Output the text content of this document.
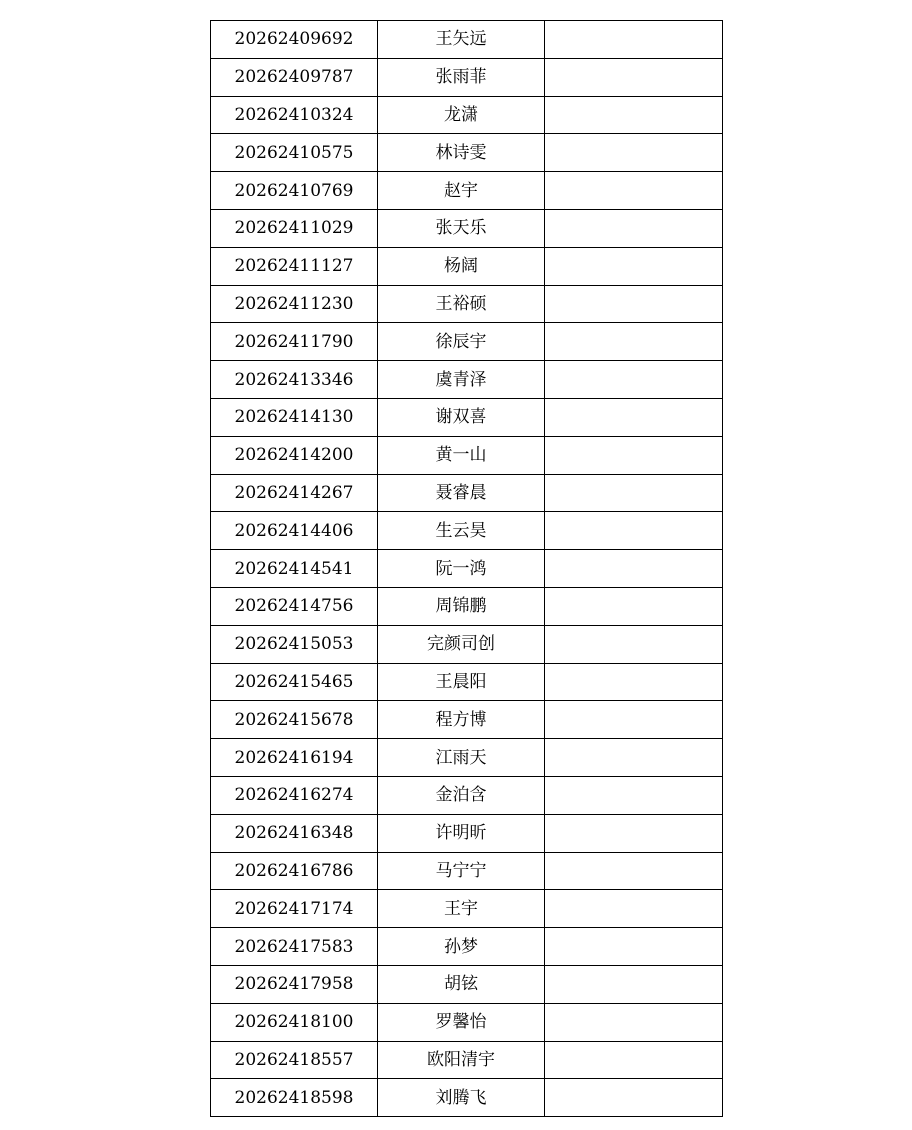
20262409692	王矢远	
20262409787	张雨菲	
20262410324	龙潇	
20262410575	林诗雯	
20262410769	赵宇	
20262411029	张天乐	
20262411127	杨阔	
20262411230	王裕硕	
20262411790	徐辰宇	
20262413346	虞青泽	
20262414130	谢双喜	
20262414200	黄一山	
20262414267	聂睿晨	
20262414406	生云昊	
20262414541	阮一鸿	
20262414756	周锦鹏	
20262415053	完颜司创	
20262415465	王晨阳	
20262415678	程方博	
20262416194	江雨天	
20262416274	金泊含	
20262416348	许明昕	
20262416786	马宁宁	
20262417174	王宇	
20262417583	孙梦	
20262417958	胡铉	
20262418100	罗馨怡	
20262418557	欧阳清宇	
20262418598	刘腾飞	
